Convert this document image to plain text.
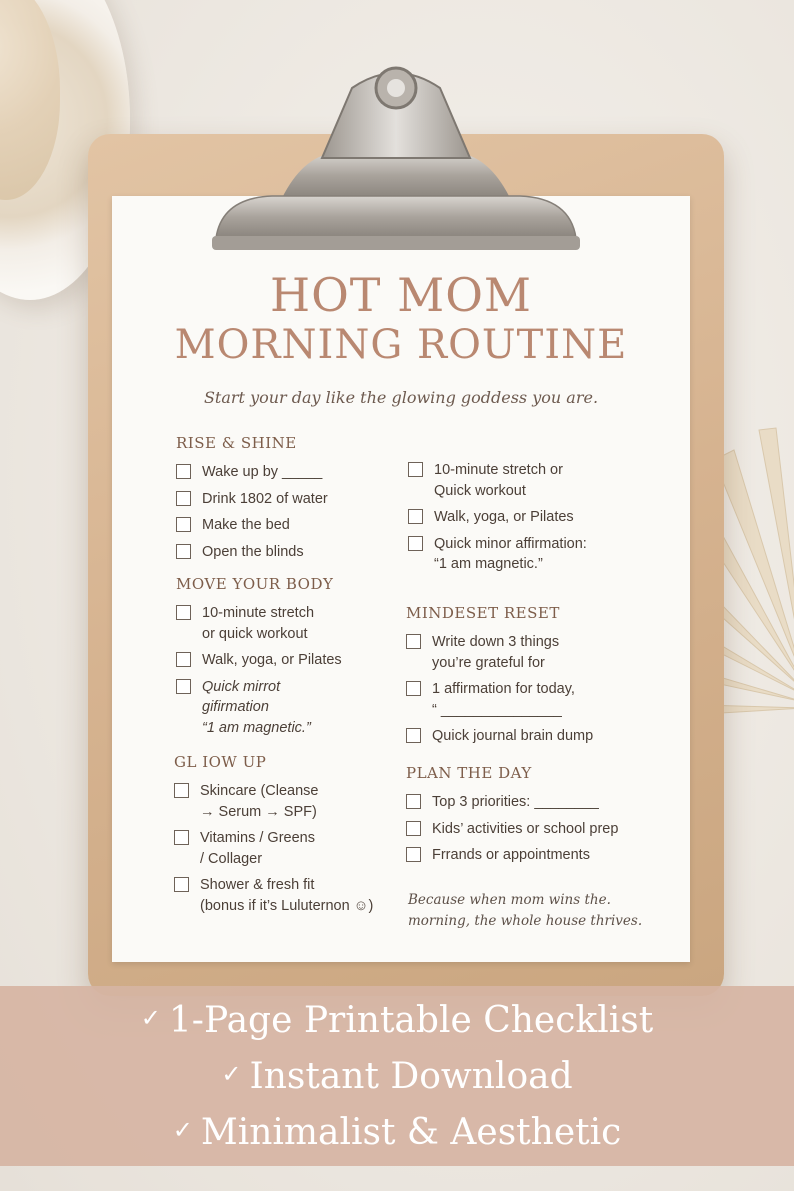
HOT MOM
MORNING ROUTINE

Start your day like the glowing goddess you are.

RISE & SHINE
Wake up by _____
Drink 1802 of water
Make the bed
Open the blinds
MOVE YOUR BODY
10-minute stretch
or quick workout
Walk, yoga, or Pilates
Quick mirrot
gifirmation
“1 am magnetic.”
GL IOW UP
Skincare (Cleanse
→ Serum → SPF)
Vitamins / Greens
/ Collager
Shower & fresh fit
(bonus if it’s Luluternon ☺)
10-minute stretch or
Quick workout
Walk, yoga, or Pilates
Quick minor affirmation:
“1 am magnetic.”
MINDESET RESET
Write down 3 things
you’re grateful for
1 affirmation for today,
“ _______________
Quick journal brain dump
PLAN THE DAY
Top 3 priorities: ________
Kids’ activities or school prep
Frrands or appointments

Because when mom wins the.
morning, the whole house thrives.

✓ 1-Page Printable Checklist

✓ Instant Download

✓ Minimalist & Aesthetic
